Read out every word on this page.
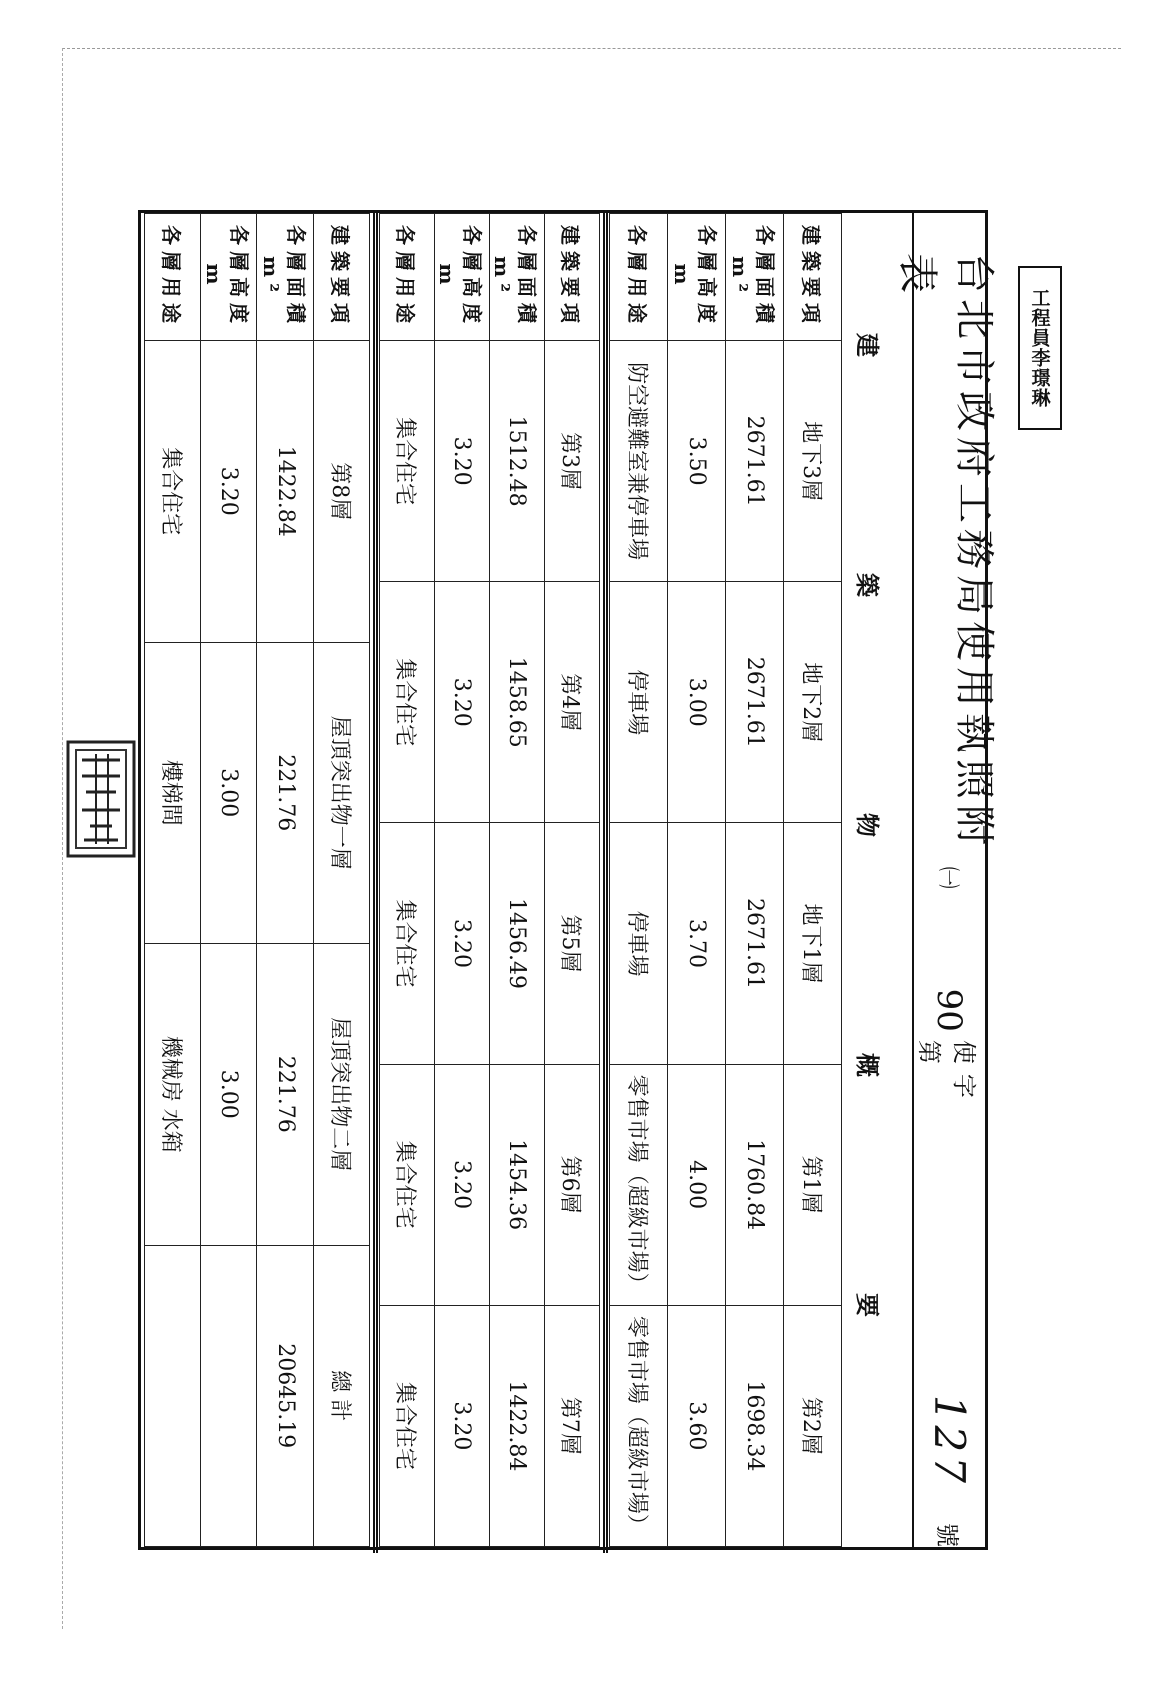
工程員李璟琳
台北市政府工務局使用執照附表
㈠
90
使字第
127
號
建
築
物
概
要
建築要項	地下3層	地下2層	地下1層	第1層	第2層
各層面積m²	2671.61	2671.61	2671.61	1760.84	1698.34
各層高度 m	3.50	3.00	3.70	4.00	3.60
各層用途	防空避難室兼停車場	停車場	停車場	零售市場（超級市場）	零售市場（超級市場）
建築要項	第3層	第4層	第5層	第6層	第7層
各層面積m²	1512.48	1458.65	1456.49	1454.36	1422.84
各層高度 m	3.20	3.20	3.20	3.20	3.20
各層用途	集合住宅	集合住宅	集合住宅	集合住宅	集合住宅
建築要項	第8層	屋頂突出物一層	屋頂突出物二層	總 計
各層面積m²	1422.84	221.76	221.76	20645.19
各層高度 m	3.20	3.00	3.00	
各層用途	集合住宅	樓梯間	機械房 水箱	
